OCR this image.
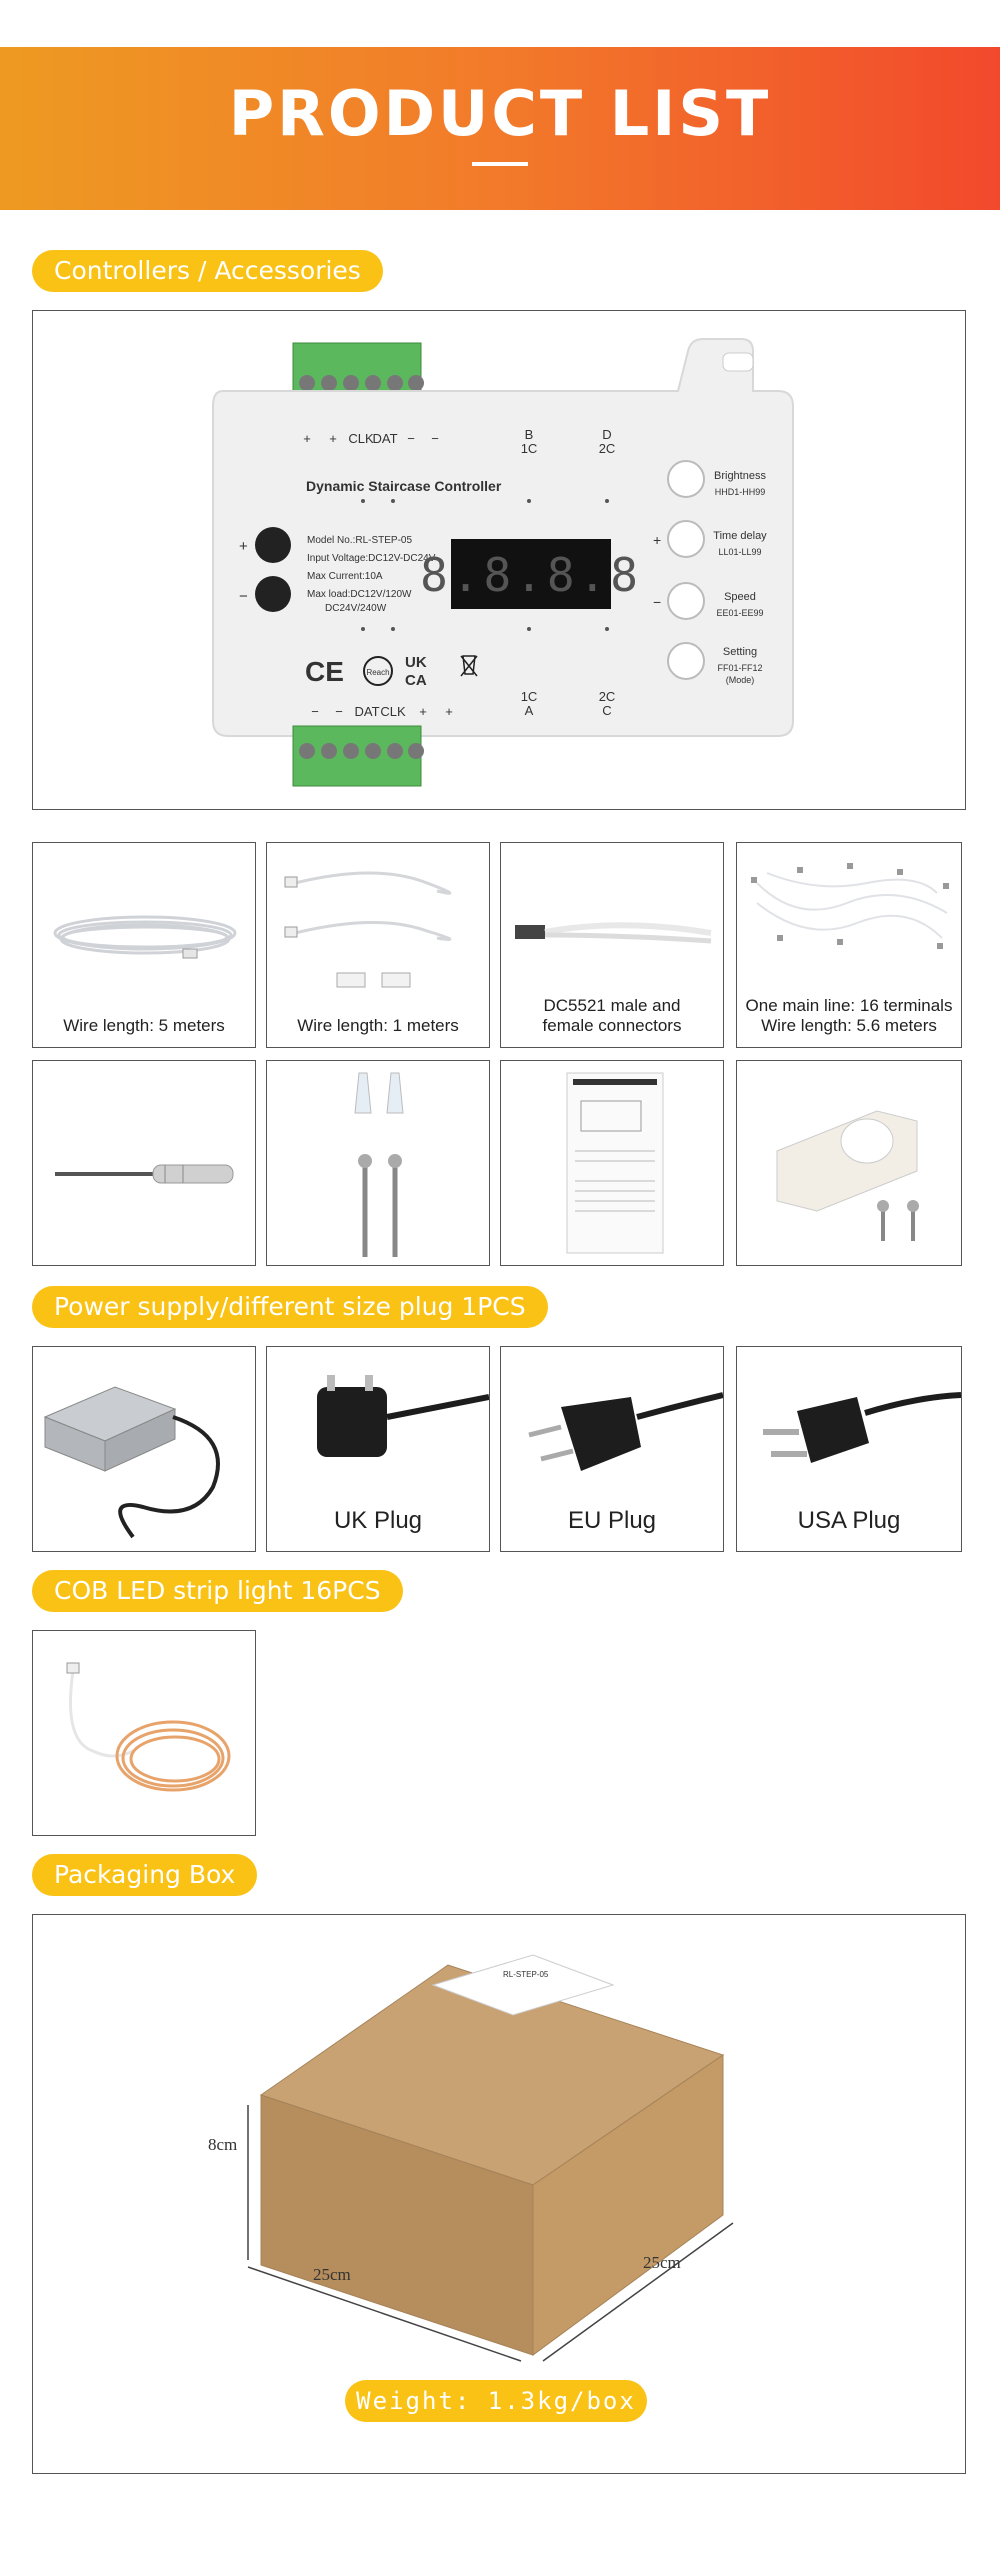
PRODUCT LIST
Controllers / Accessories
+ + CLK
DAT − −	B
1C
D
2C
1C
A
2C
C
− − DAT CLK + +
Dynamic Staircase Controller
Model No.:RL-STEP-05
Input Voltage:DC12V-DC24V
Max Current:10A
Max load:DC12V/120W
DC24V/240W
+
−	8.8.8.8
CE	Reach
UK
CA
+
−
Brightness
HHD1-HH99
Time delay
LL01-LL99
Speed
EE01-EE99
Setting
FF01-FF12
(Mode)
Wire length: 5 meters	Wire length: 1 meters
DC5521 male and
female connectors
One main line: 16 terminals
Wire length: 5.6 meters
Power supply/different size plug 1PCS
UK Plug	EU Plug	USA Plug
COB LED strip light 16PCS
Packaging Box
RL-STEP-05
8cm
25cm
25cm
Weight: 1.3kg/box
